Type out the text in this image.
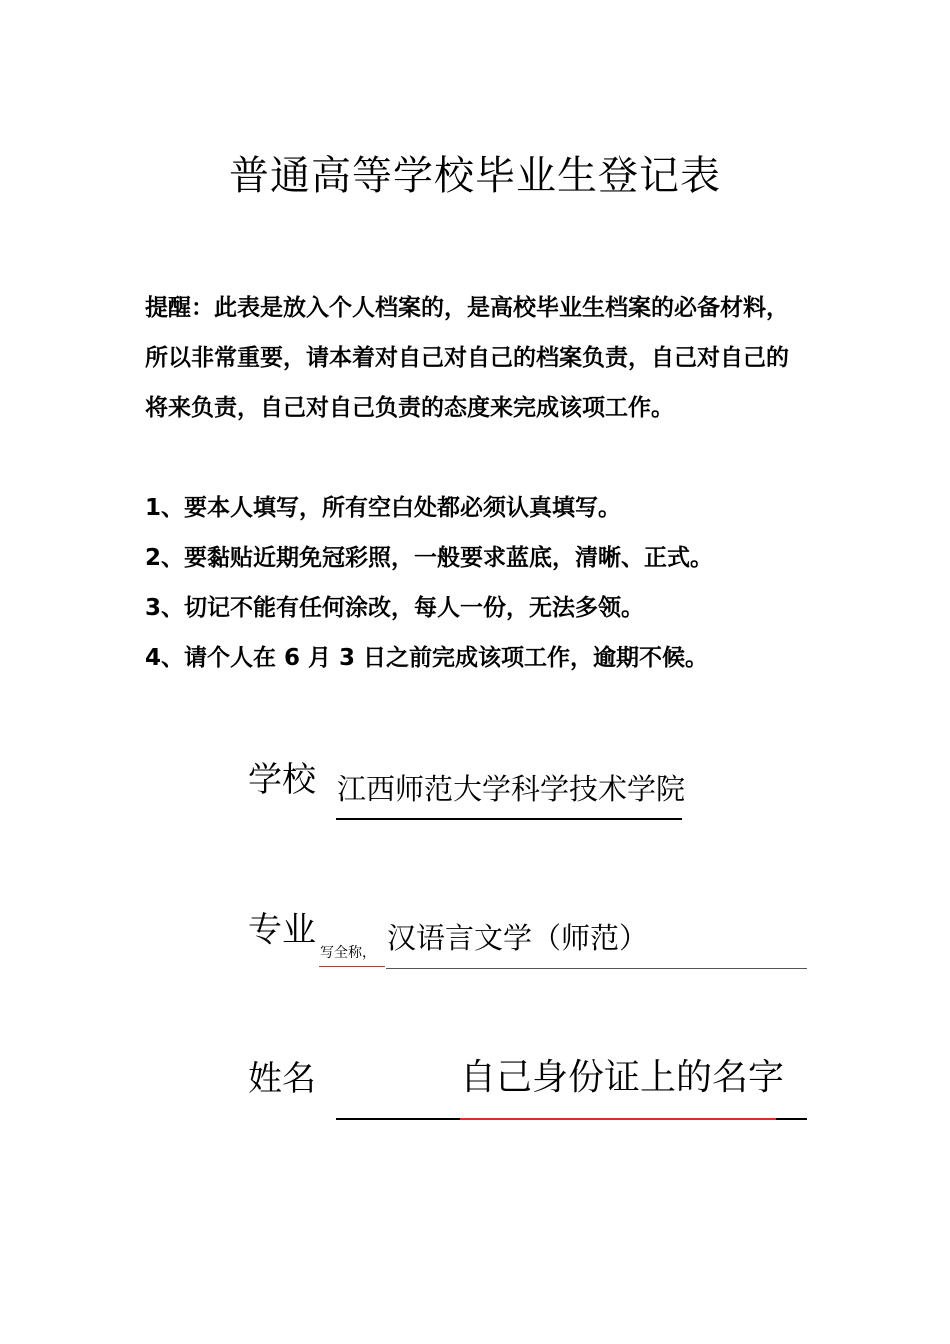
普通高等学校毕业生登记表

提醒：此表是放入个人档案的，是高校毕业生档案的必备材料，所以非常重要，请本着对自己对自己的档案负责，自己对自己的将来负责，自己对自己负责的态度来完成该项工作。

1、要本人填写，所有空白处都必须认真填写。
2、要黏贴近期免冠彩照，一般要求蓝底，清晰、正式。
3、切记不能有任何涂改，每人一份，无法多领。
4、请个人在 6 月 3 日之前完成该项工作，逾期不候。
学校 江西师范大学科学技术学院
专业
写全称， 汉语言文学（师范）
姓名	自己身份证上的名字
